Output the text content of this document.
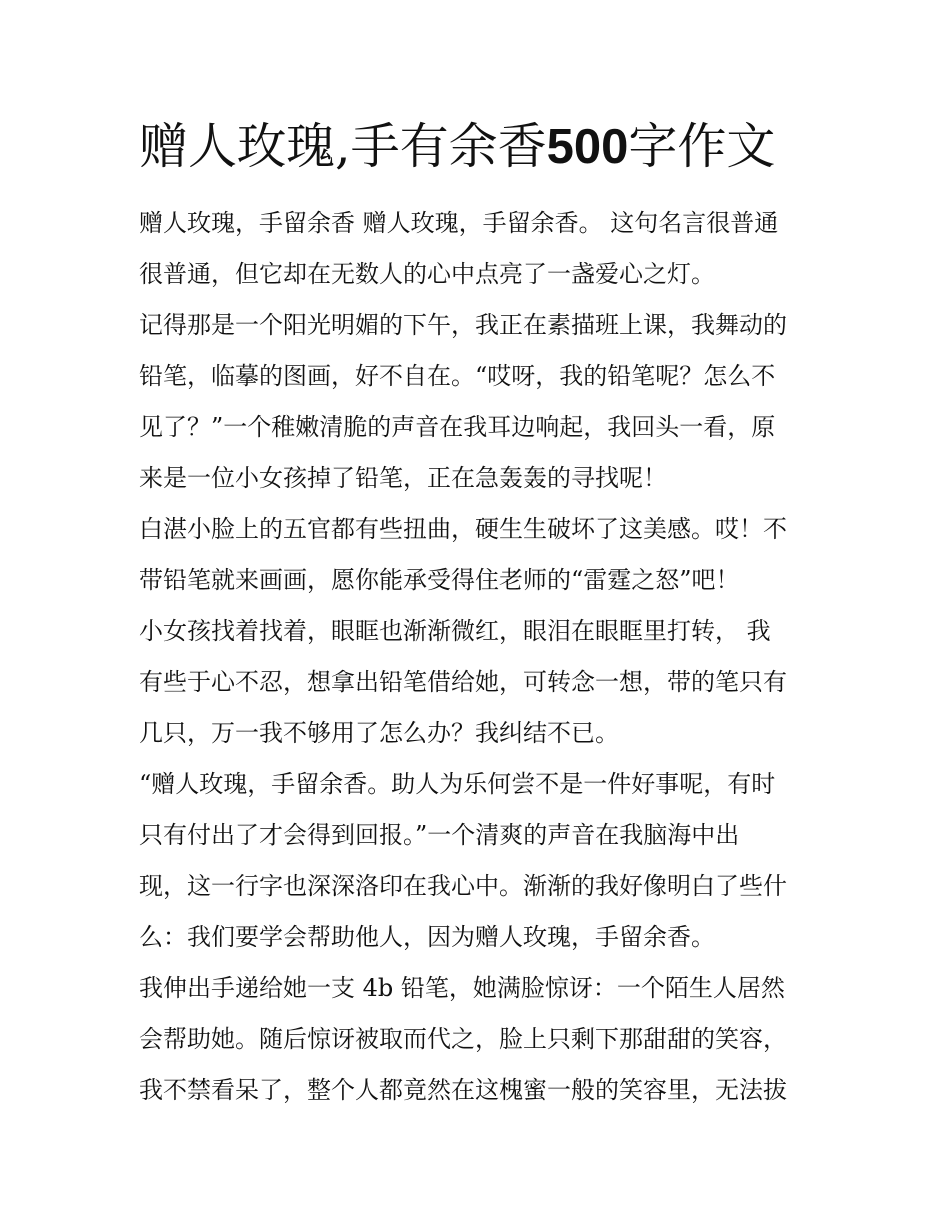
赠人玫瑰,手有余香500字作文
赠人玫瑰，手留余香 赠人玫瑰，手留余香。 这句名言很普通
很普通，但它却在无数人的心中点亮了一盏爱心之灯。
记得那是一个阳光明媚的下午，我正在素描班上课，我舞动的
铅笔，临摹的图画，好不自在。“哎呀，我的铅笔呢？怎么不
见了？”一个稚嫩清脆的声音在我耳边响起，我回头一看，原
来是一位小女孩掉了铅笔，正在急轰轰的寻找呢！
白湛小脸上的五官都有些扭曲，硬生生破坏了这美感。哎！不
带铅笔就来画画，愿你能承受得住老师的“雷霆之怒”吧！
小女孩找着找着，眼眶也渐渐微红，眼泪在眼眶里打转， 我
有些于心不忍，想拿出铅笔借给她，可转念一想，带的笔只有
几只，万一我不够用了怎么办？我纠结不已。
“赠人玫瑰，手留余香。助人为乐何尝不是一件好事呢，有时
只有付出了才会得到回报。”一个清爽的声音在我脑海中出
现，这一行字也深深洛印在我心中。渐渐的我好像明白了些什
么：我们要学会帮助他人，因为赠人玫瑰，手留余香。
我伸出手递给她一支 4b 铅笔，她满脸惊讶：一个陌生人居然
会帮助她。随后惊讶被取而代之，脸上只剩下那甜甜的笑容，
我不禁看呆了，整个人都竟然在这槐蜜一般的笑容里，无法拔
